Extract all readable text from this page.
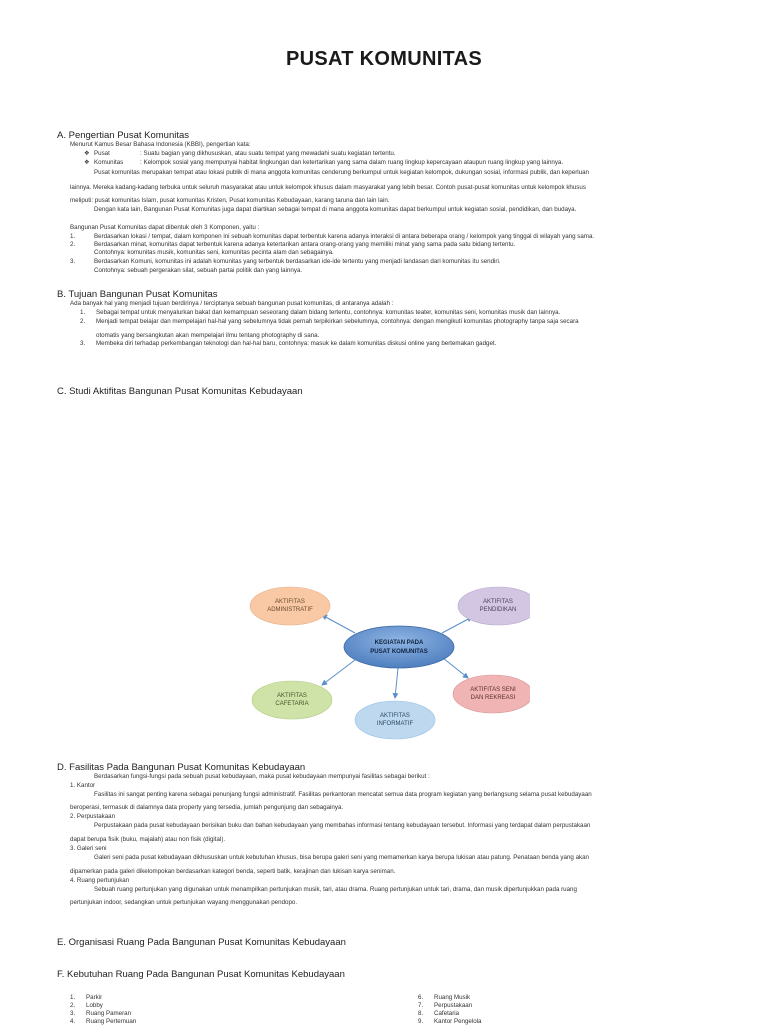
PUSAT KOMUNITAS
A. Pengertian Pusat Komunitas
Menurut Kamus Besar Bahasa Indonesia (KBBI), pengertian kata:
❖ Pusat	: Suatu bagian yang dikhususkan, atau suatu tempat yang mewadahi suatu kegiatan tertentu.
❖ Komunitas	: Kelompok sosial yang mempunyai habitat lingkungan dan ketertarikan yang sama dalam ruang lingkup kepercayaan ataupun ruang lingkup yang lainnya.
Pusat komunitas merupakan tempat atau lokasi publik di mana anggota komunitas cenderung berkumpul untuk kegiatan kelompok, dukungan sosial, informasi publik, dan keperluan
lainnya. Mereka kadang-kadang terbuka untuk seluruh masyarakat atau untuk kelompok khusus dalam masyarakat yang lebih besar. Contoh pusat-pusat komunitas untuk kelompok khusus
meliputi: pusat komunitas Islam, pusat komunitas Kristen, Pusat komunitas Kebudayaan, karang taruna dan lain lain.
Dengan kata lain, Bangunan Pusat Komunitas juga dapat diartikan sebagai tempat di mana anggota komunitas dapat berkumpul untuk kegiatan sosial, pendidikan, dan budaya.
Bangunan Pusat Komunitas dapat dibentuk oleh 3 Komponen, yaitu :
1.	Berdasarkan lokasi / tempat, dalam komponen ini sebuah komunitas dapat terbentuk karena adanya interaksi di antara beberapa orang / kelompok yang tinggal di wilayah yang sama.
2.	Berdasarkan minat, komunitas dapat terbentuk karena adanya ketertarikan antara orang-orang yang memiliki minat yang sama pada satu bidang tertentu.
Contohnya: komunitas musik, komunitas seni, komunitas pecinta alam dan sebagainya.
3.	Berdasarkan Komuni, komunitas ini adalah komunitas yang terbentuk berdasarkan ide-ide tertentu yang menjadi landasan dari komunitas itu sendiri.
Contohnya: sebuah pergerakan silat, sebuah partai politik dan yang lainnya.
B. Tujuan Bangunan Pusat Komunitas
Ada banyak hal yang menjadi tujuan berdirinya / terciptanya sebuah bangunan pusat komunitas, di antaranya adalah :
1. Sebagai tempat untuk menyalurkan bakat dan kemampuan seseorang dalam bidang tertentu, contohnya: komunitas teater, komunitas seni, komunitas musik dan lainnya.
2. Menjadi tempat belajar dan mempelajari hal-hal yang sebelumnya tidak pernah terpikirkan sebelumnya, contohnya: dengan mengikuti komunitas photography tanpa saja secara
otomatis yang bersangkutan akan mempelajari ilmu tentang photography di sana.
3. Membeka diri terhadap perkembangan teknologi dan hal-hal baru, contohnya: masuk ke dalam komunitas diskusi online yang bertemakan gadget.
C. Studi Aktifitas Bangunan Pusat Komunitas Kebudayaan
AKTIFITAS
ADMINISTRATIF
AKTIFITAS
PENDIDIKAN
KEGIATAN PADA
PUSAT KOMUNITAS
AKTIFITAS
CAFETARIA
AKTIFITAS
INFORMATIF
AKTIFITAS SENI
DAN REKREASI
D. Fasilitas Pada Bangunan Pusat Komunitas Kebudayaan
Berdasarkan fungsi-fungsi pada sebuah pusat kebudayaan, maka pusat kebudayaan mempunyai fasilitas sebagai berikut :
1. Kantor
Fasilitas ini sangat penting karena sebagai penunjang fungsi administratif. Fasilitas perkantoran mencatat semua data program kegiatan yang berlangsung selama pusat kebudayaan
beroperasi, termasuk di dalamnya data property yang tersedia, jumlah pengunjung dan sebagainya.
2. Perpustakaan
Perpustakaan pada pusat kebudayaan berisikan buku dan bahan kebudayaan yang membahas informasi tentang kebudayaan tersebut. Informasi yang terdapat dalam perpustakaan
dapat berupa fisik (buku, majalah) atau non fisik (digital).
3. Galeri seni
Galeri seni pada pusat kebudayaan dikhususkan untuk kebutuhan khusus, bisa berupa galeri seni yang memamerkan karya berupa lukisan atau patung. Penataan benda yang akan
dipamerkan pada galeri dikelompokan berdasarkan kategori benda, seperti batik, kerajinan dan lukisan karya seniman.
4. Ruang pertunjukan
Sebuah ruang pertunjukan yang digunakan untuk menampilkan pertunjukan musik, tari, atau drama. Ruang pertunjukan untuk tari, drama, dan musik dipertunjukkan pada ruang
pertunjukan indoor, sedangkan untuk pertunjukan wayang menggunakan pendopo.
E. Organisasi Ruang Pada Bangunan Pusat Komunitas Kebudayaan
F. Kebutuhan Ruang Pada Bangunan Pusat Komunitas Kebudayaan
1. Parkir
2. Lobby
3. Ruang Pameran
4. Ruang Pertemuan
6. Ruang Musik
7. Perpustakaan
8. Cafetaria
9. Kantor Pengelola
